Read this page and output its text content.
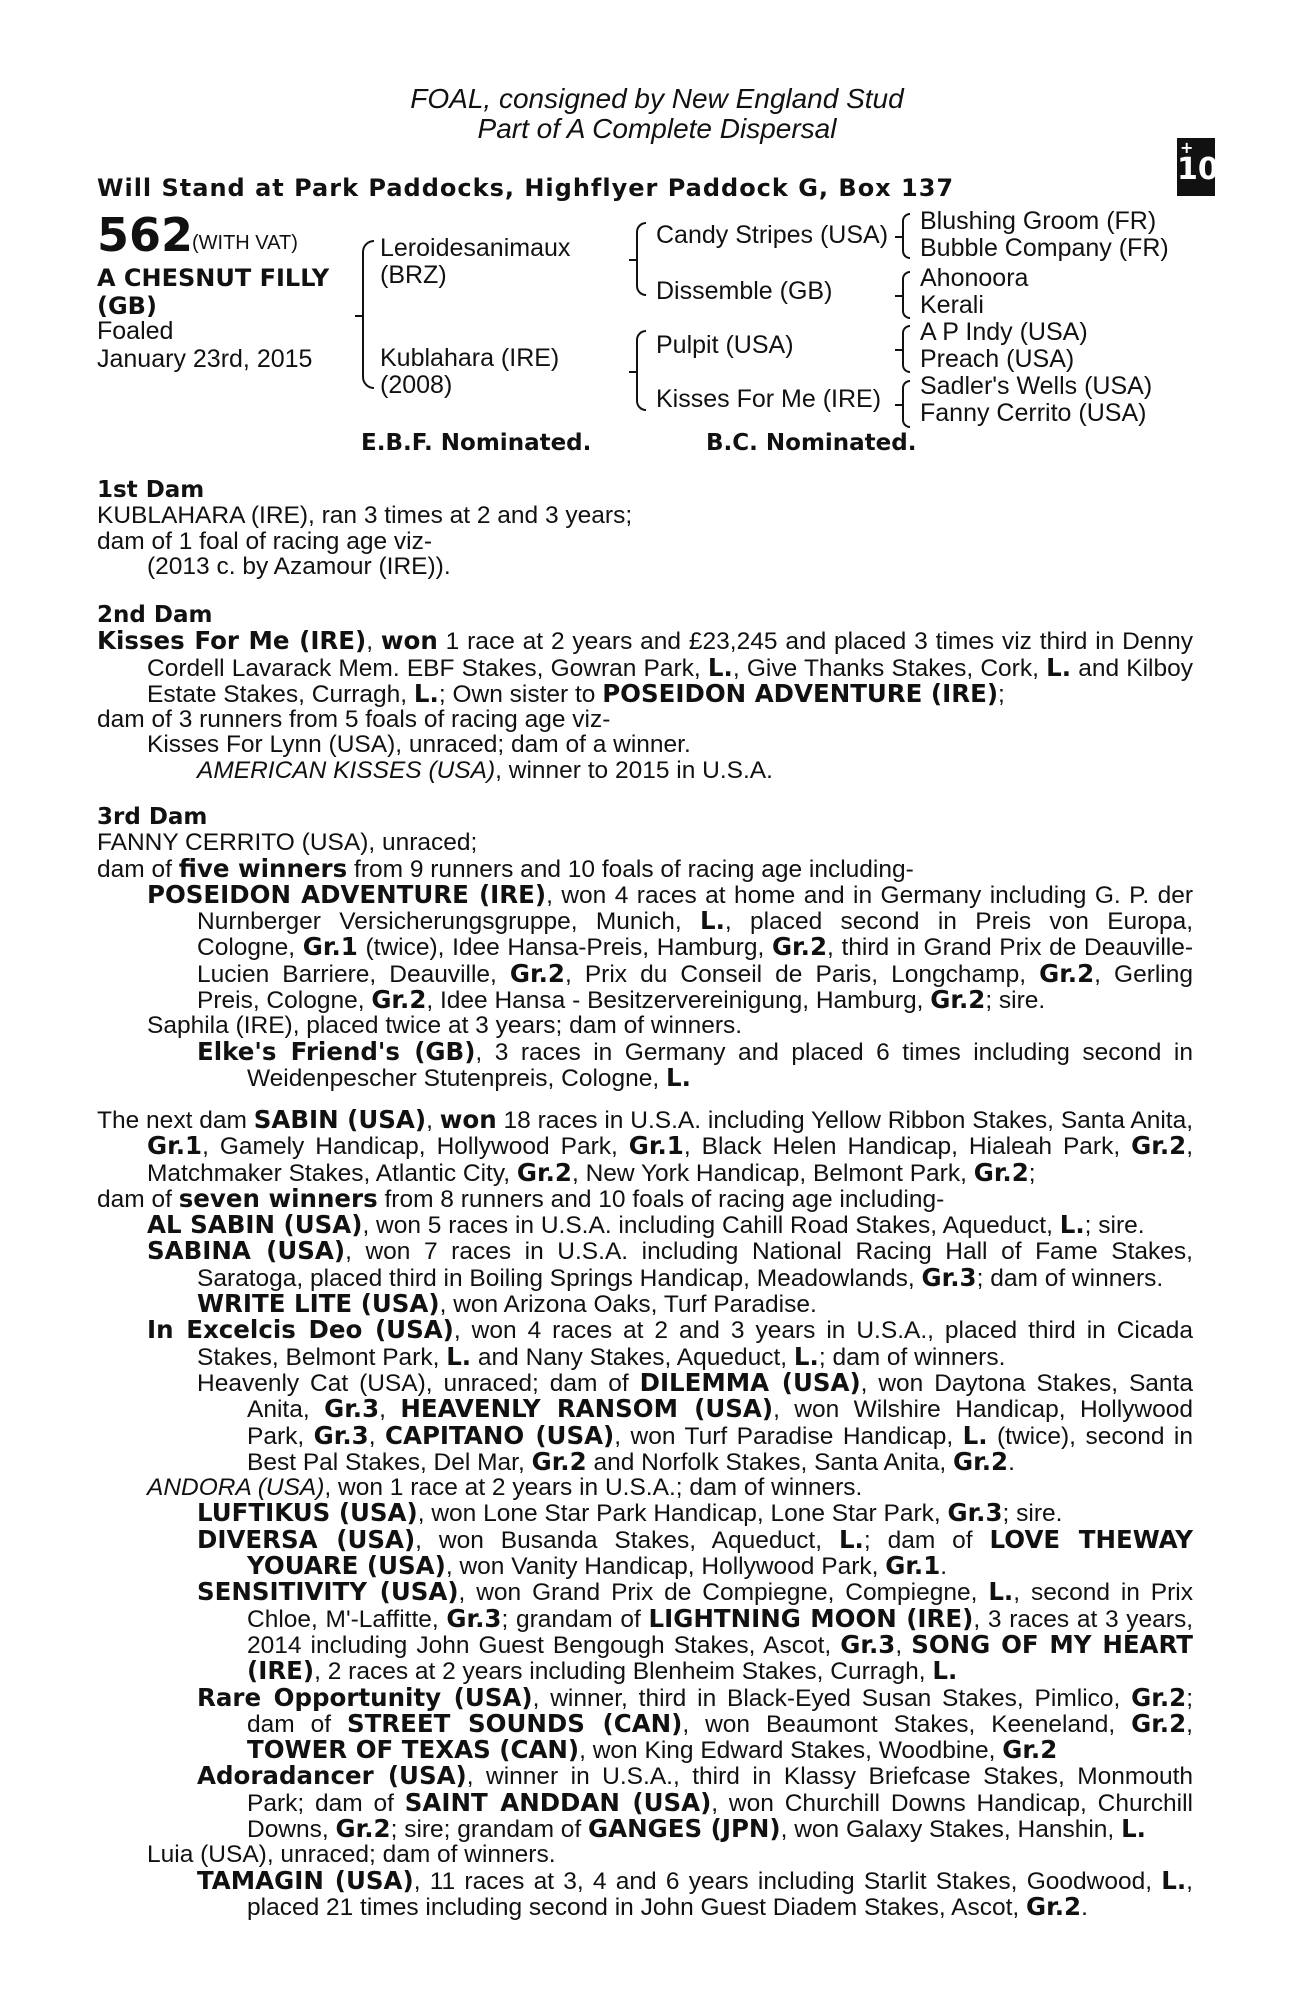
FOAL, consigned by New England Stud
Part of A Complete Dispersal
Will Stand at Park Paddocks, Highflyer Paddock G, Box 137
+
10
562
(WITH VAT)
A CHESNUT FILLY
(GB)
Foaled
January 23rd, 2015
Leroidesanimaux
(BRZ)
Kublahara (IRE)
(2008)
Candy Stripes (USA)
Dissemble (GB)
Pulpit (USA)
Kisses For Me (IRE)
Blushing Groom (FR)
Bubble Company (FR)
Ahonoora
Kerali
A P Indy (USA)
Preach (USA)
Sadler's Wells (USA)
Fanny Cerrito (USA)
E.B.F. Nominated.	B.C. Nominated.

1st Dam

KUBLAHARA (IRE), ran 3 times at 2 and 3 years;

dam of 1 foal of racing age viz-

(2013 c. by Azamour (IRE)).

2nd Dam

Kisses For Me (IRE), won 1 race at 2 years and £23,245 and placed 3 times viz third in Denny Cordell Lavarack Mem. EBF Stakes, Gowran Park, L., Give Thanks Stakes, Cork, L. and Kilboy Estate Stakes, Curragh, L.; Own sister to POSEIDON ADVENTURE (IRE);

dam of 3 runners from 5 foals of racing age viz-

Kisses For Lynn (USA), unraced; dam of a winner.

AMERICAN KISSES (USA), winner to 2015 in U.S.A.

3rd Dam

FANNY CERRITO (USA), unraced;

dam of five winners from 9 runners and 10 foals of racing age including-

POSEIDON ADVENTURE (IRE), won 4 races at home and in Germany including G. P. der Nurnberger Versicherungsgruppe, Munich, L., placed second in Preis von Europa, Cologne, Gr.1 (twice), Idee Hansa-Preis, Hamburg, Gr.2, third in Grand Prix de Deauville-Lucien Barriere, Deauville, Gr.2, Prix du Conseil de Paris, Longchamp, Gr.2, Gerling Preis, Cologne, Gr.2, Idee Hansa - Besitzervereinigung, Hamburg, Gr.2; sire.

Saphila (IRE), placed twice at 3 years; dam of winners.

Elke's Friend's (GB), 3 races in Germany and placed 6 times including second in Weidenpescher Stutenpreis, Cologne, L.

The next dam SABIN (USA), won 18 races in U.S.A. including Yellow Ribbon Stakes, Santa Anita, Gr.1, Gamely Handicap, Hollywood Park, Gr.1, Black Helen Handicap, Hialeah Park, Gr.2, Matchmaker Stakes, Atlantic City, Gr.2, New York Handicap, Belmont Park, Gr.2;

dam of seven winners from 8 runners and 10 foals of racing age including-

AL SABIN (USA), won 5 races in U.S.A. including Cahill Road Stakes, Aqueduct, L.; sire.

SABINA (USA), won 7 races in U.S.A. including National Racing Hall of Fame Stakes, Saratoga, placed third in Boiling Springs Handicap, Meadowlands, Gr.3; dam of winners.

WRITE LITE (USA), won Arizona Oaks, Turf Paradise.

In Excelcis Deo (USA), won 4 races at 2 and 3 years in U.S.A., placed third in Cicada Stakes, Belmont Park, L. and Nany Stakes, Aqueduct, L.; dam of winners.

Heavenly Cat (USA), unraced; dam of DILEMMA (USA), won Daytona Stakes, Santa Anita, Gr.3, HEAVENLY RANSOM (USA), won Wilshire Handicap, Hollywood Park, Gr.3, CAPITANO (USA), won Turf Paradise Handicap, L. (twice), second in Best Pal Stakes, Del Mar, Gr.2 and Norfolk Stakes, Santa Anita, Gr.2.

ANDORA (USA), won 1 race at 2 years in U.S.A.; dam of winners.

LUFTIKUS (USA), won Lone Star Park Handicap, Lone Star Park, Gr.3; sire.

DIVERSA (USA), won Busanda Stakes, Aqueduct, L.; dam of LOVE THEWAY YOUARE (USA), won Vanity Handicap, Hollywood Park, Gr.1.

SENSITIVITY (USA), won Grand Prix de Compiegne, Compiegne, L., second in Prix Chloe, M'-Laffitte, Gr.3; grandam of LIGHTNING MOON (IRE), 3 races at 3 years, 2014 including John Guest Bengough Stakes, Ascot, Gr.3, SONG OF MY HEART (IRE), 2 races at 2 years including Blenheim Stakes, Curragh, L.

Rare Opportunity (USA), winner, third in Black-Eyed Susan Stakes, Pimlico, Gr.2; dam of STREET SOUNDS (CAN), won Beaumont Stakes, Keeneland, Gr.2, TOWER OF TEXAS (CAN), won King Edward Stakes, Woodbine, Gr.2

Adoradancer (USA), winner in U.S.A., third in Klassy Briefcase Stakes, Monmouth Park; dam of SAINT ANDDAN (USA), won Churchill Downs Handicap, Churchill Downs, Gr.2; sire; grandam of GANGES (JPN), won Galaxy Stakes, Hanshin, L.

Luia (USA), unraced; dam of winners.

TAMAGIN (USA), 11 races at 3, 4 and 6 years including Starlit Stakes, Goodwood, L., placed 21 times including second in John Guest Diadem Stakes, Ascot, Gr.2.
